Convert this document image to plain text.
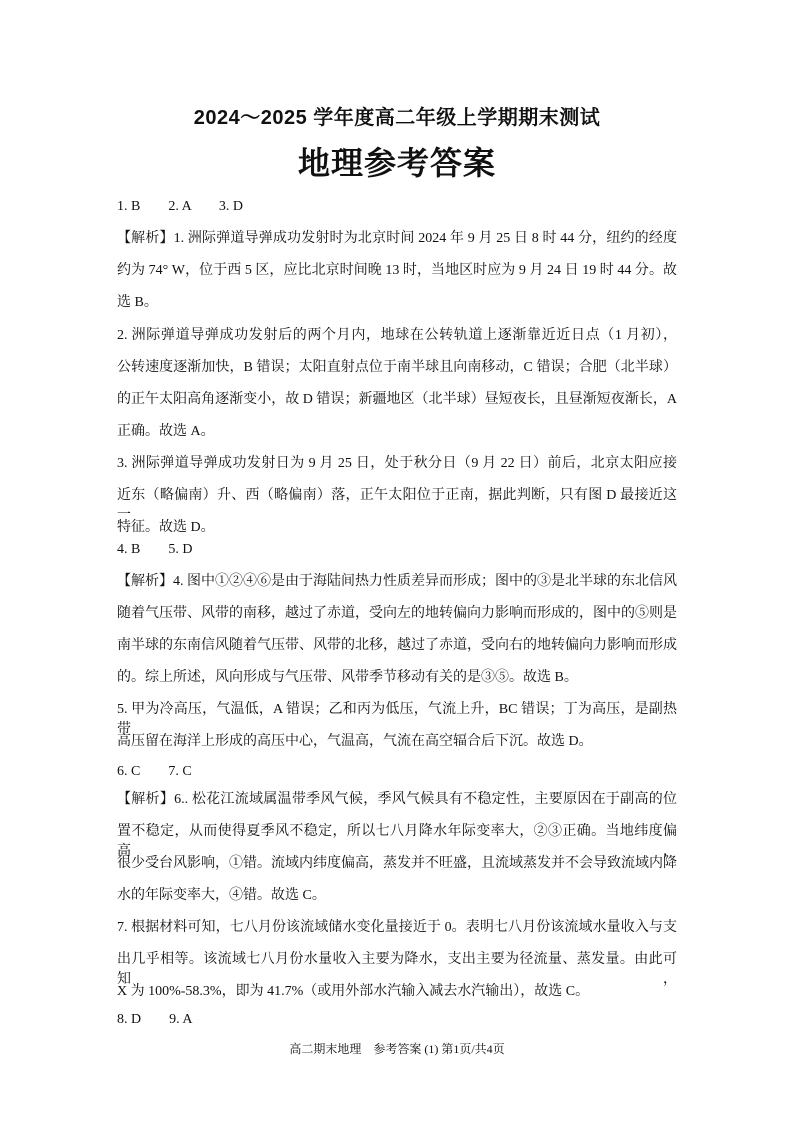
2024～2025 学年度高二年级上学期期末测试
地理参考答案
1. B　　2. A　　3. D
【解析】1. 洲际弹道导弹成功发射时为北京时间 2024 年 9 月 25 日 8 时 44 分，纽约的经度
约为 74° W，位于西 5 区，应比北京时间晚 13 时，当地区时应为 9 月 24 日 19 时 44 分。故
选 B。
2. 洲际弹道导弹成功发射后的两个月内，地球在公转轨道上逐渐靠近近日点（1 月初），
公转速度逐渐加快，B 错误；太阳直射点位于南半球且向南移动，C 错误；合肥（北半球）
的正午太阳高角逐渐变小，故 D 错误；新疆地区（北半球）昼短夜长，且昼渐短夜渐长，A
正确。故选 A。
3. 洲际弹道导弹成功发射日为 9 月 25 日，处于秋分日（9 月 22 日）前后，北京太阳应接
近东（略偏南）升、西（略偏南）落，正午太阳位于正南，据此判断，只有图 D 最接近这一
特征。故选 D。
4. B　　5. D
【解析】4. 图中①②④⑥是由于海陆间热力性质差异而形成；图中的③是北半球的东北信风
随着气压带、风带的南移，越过了赤道，受向左的地转偏向力影响而形成的，图中的⑤则是
南半球的东南信风随着气压带、风带的北移，越过了赤道，受向右的地转偏向力影响而形成
的。综上所述，风向形成与气压带、风带季节移动有关的是③⑤。故选 B。
5. 甲为冷高压，气温低，A 错误；乙和丙为低压，气流上升，BC 错误；丁为高压，是副热带
高压留在海洋上形成的高压中心，气温高，气流在高空辐合后下沉。故选 D。
6. C　　7. C
【解析】6.. 松花江流域属温带季风气候，季风气候具有不稳定性，主要原因在于副高的位
置不稳定，从而使得夏季风不稳定，所以七八月降水年际变率大，②③正确。当地纬度偏高，
很少受台风影响，①错。流域内纬度偏高，蒸发并不旺盛，且流域蒸发并不会导致流域内降
水的年际变率大，④错。故选 C。
7. 根据材料可知，七八月份该流域储水变化量接近于 0。表明七八月份该流域水量收入与支
出几乎相等。该流域七八月份水量收入主要为降水，支出主要为径流量、蒸发量。由此可知，
X 为 100%-58.3%，即为 41.7%（或用外部水汽输入减去水汽输出），故选 C。
8. D　　9. A
高二期末地理　参考答案 (1) 第1页/共4页
